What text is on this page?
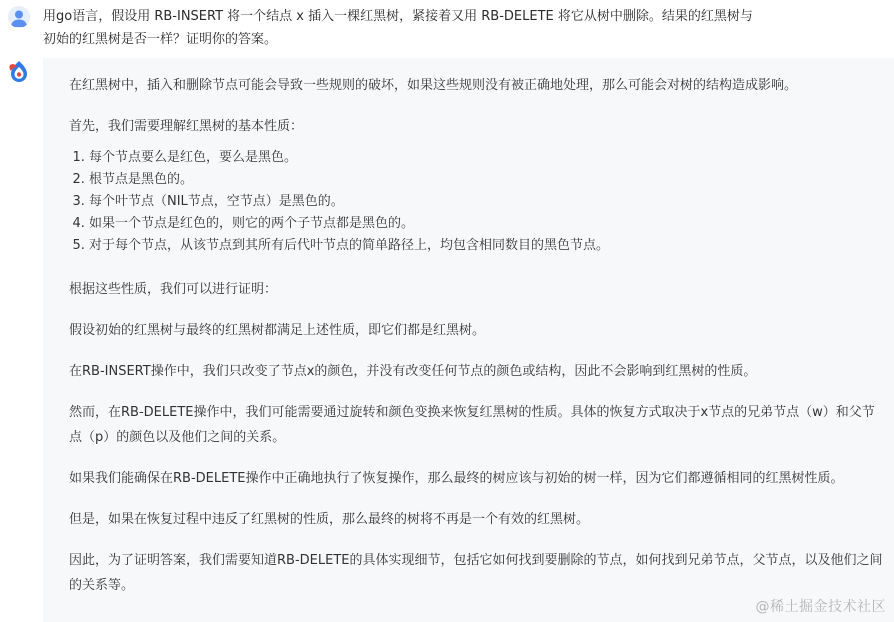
用go语言，假设用 RB-INSERT 将一个结点 x 插入一棵红黑树，紧接着又用 RB-DELETE 将它从树中删除。结果的红黑树与
初始的红黑树是否一样？证明你的答案。

在红黑树中，插入和删除节点可能会导致一些规则的破坏，如果这些规则没有被正确地处理，那么可能会对树的结构造成影响。

首先，我们需要理解红黑树的基本性质：

1. 每个节点要么是红色，要么是黑色。
2. 根节点是黑色的。
3. 每个叶节点（NIL节点，空节点）是黑色的。
4. 如果一个节点是红色的，则它的两个子节点都是黑色的。
5. 对于每个节点，从该节点到其所有后代叶节点的简单路径上，均包含相同数目的黑色节点。

根据这些性质，我们可以进行证明：

假设初始的红黑树与最终的红黑树都满足上述性质，即它们都是红黑树。

在RB-INSERT操作中，我们只改变了节点x的颜色，并没有改变任何节点的颜色或结构，因此不会影响到红黑树的性质。

然而，在RB-DELETE操作中，我们可能需要通过旋转和颜色变换来恢复红黑树的性质。具体的恢复方式取决于x节点的兄弟节点（w）和父节点（p）的颜色以及他们之间的关系。

如果我们能确保在RB-DELETE操作中正确地执行了恢复操作，那么最终的树应该与初始的树一样，因为它们都遵循相同的红黑树性质。

但是，如果在恢复过程中违反了红黑树的性质，那么最终的树将不再是一个有效的红黑树。

因此，为了证明答案，我们需要知道RB-DELETE的具体实现细节，包括它如何找到要删除的节点，如何找到兄弟节点，父节点，以及他们之间的关系等。

@稀土掘金技术社区
